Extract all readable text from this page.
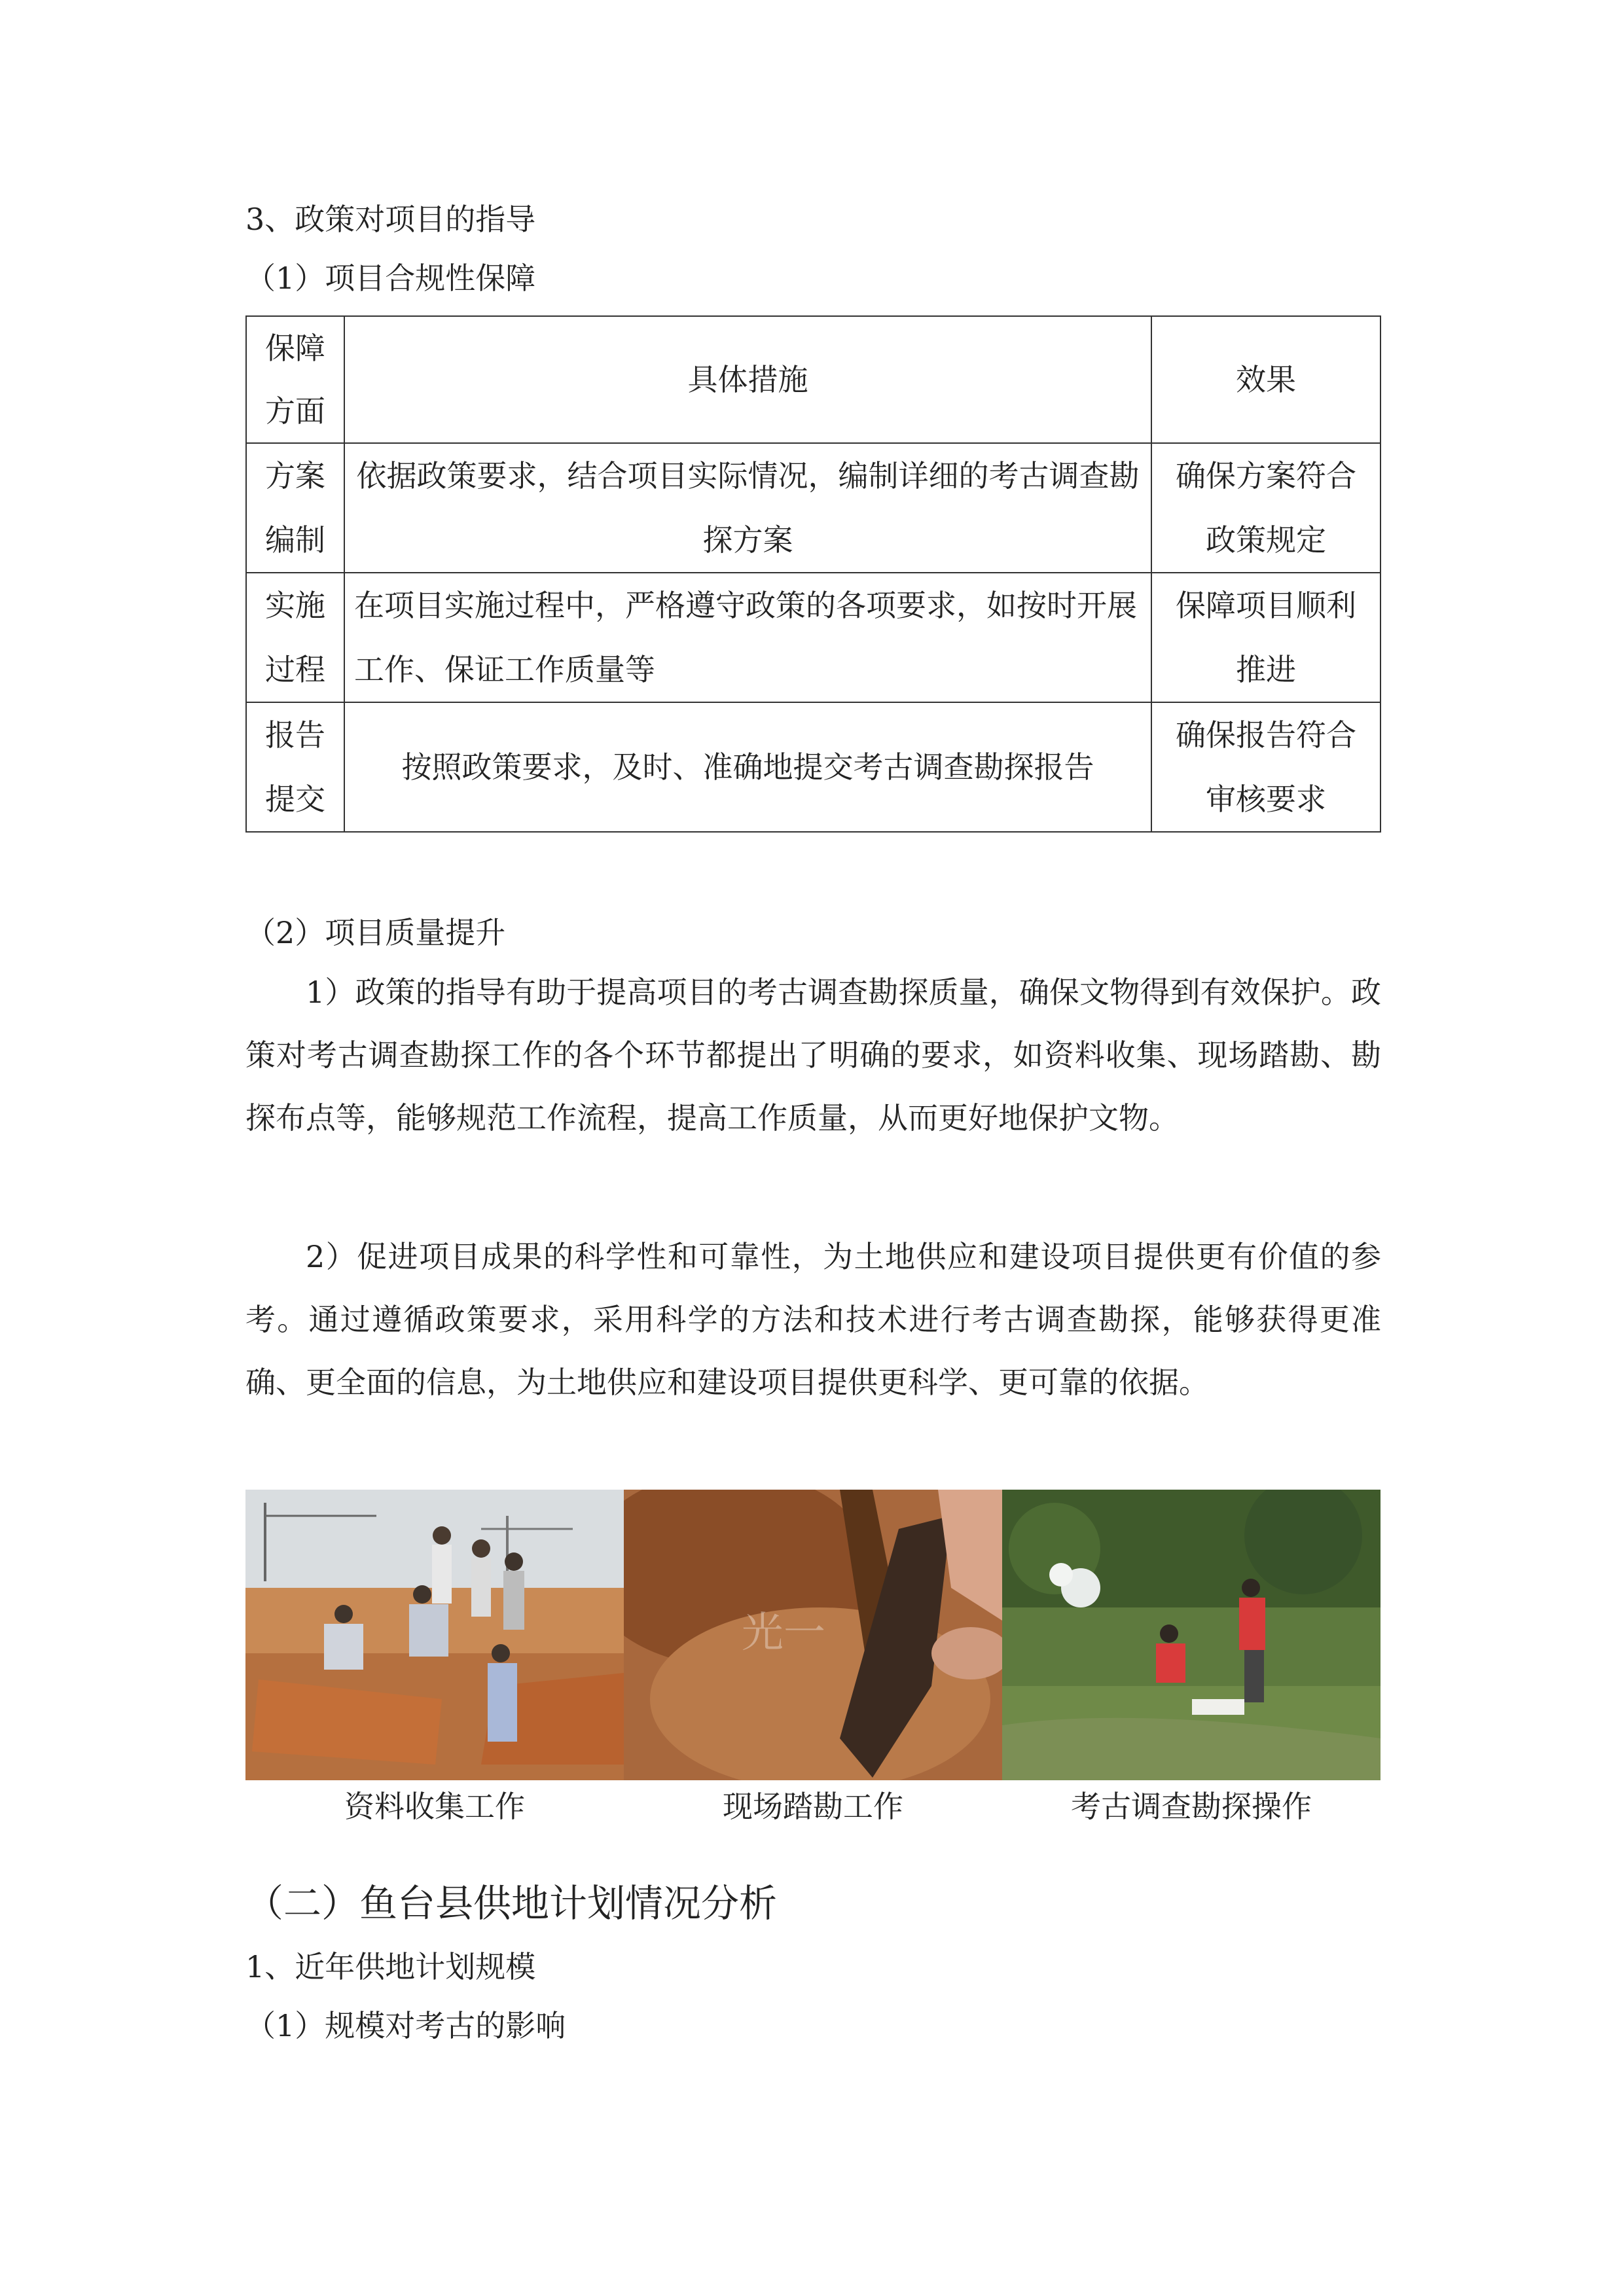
3、政策对项目的指导
（1）项目合规性保障
保障方面	具体措施	效果
方案编制	依据政策要求，结合项目实际情况，编制详细的考古调查勘探方案	确保方案符合政策规定
实施过程	在项目实施过程中，严格遵守政策的各项要求，如按时开展工作、保证工作质量等	保障项目顺利推进
报告提交	按照政策要求，及时、准确地提交考古调查勘探报告	确保报告符合审核要求
（2）项目质量提升
1）政策的指导有助于提高项目的考古调查勘探质量，确保文物得到有效保护。政策对考古调查勘探工作的各个环节都提出了明确的要求，如资料收集、现场踏勘、勘探布点等，能够规范工作流程，提高工作质量，从而更好地保护文物。
2）促进项目成果的科学性和可靠性，为土地供应和建设项目提供更有价值的参考。通过遵循政策要求，采用科学的方法和技术进行考古调查勘探，能够获得更准确、更全面的信息，为土地供应和建设项目提供更科学、更可靠的依据。
光一
资料收集工作	现场踏勘工作	考古调查勘探操作
（二）鱼台县供地计划情况分析
1、近年供地计划规模
（1）规模对考古的影响
